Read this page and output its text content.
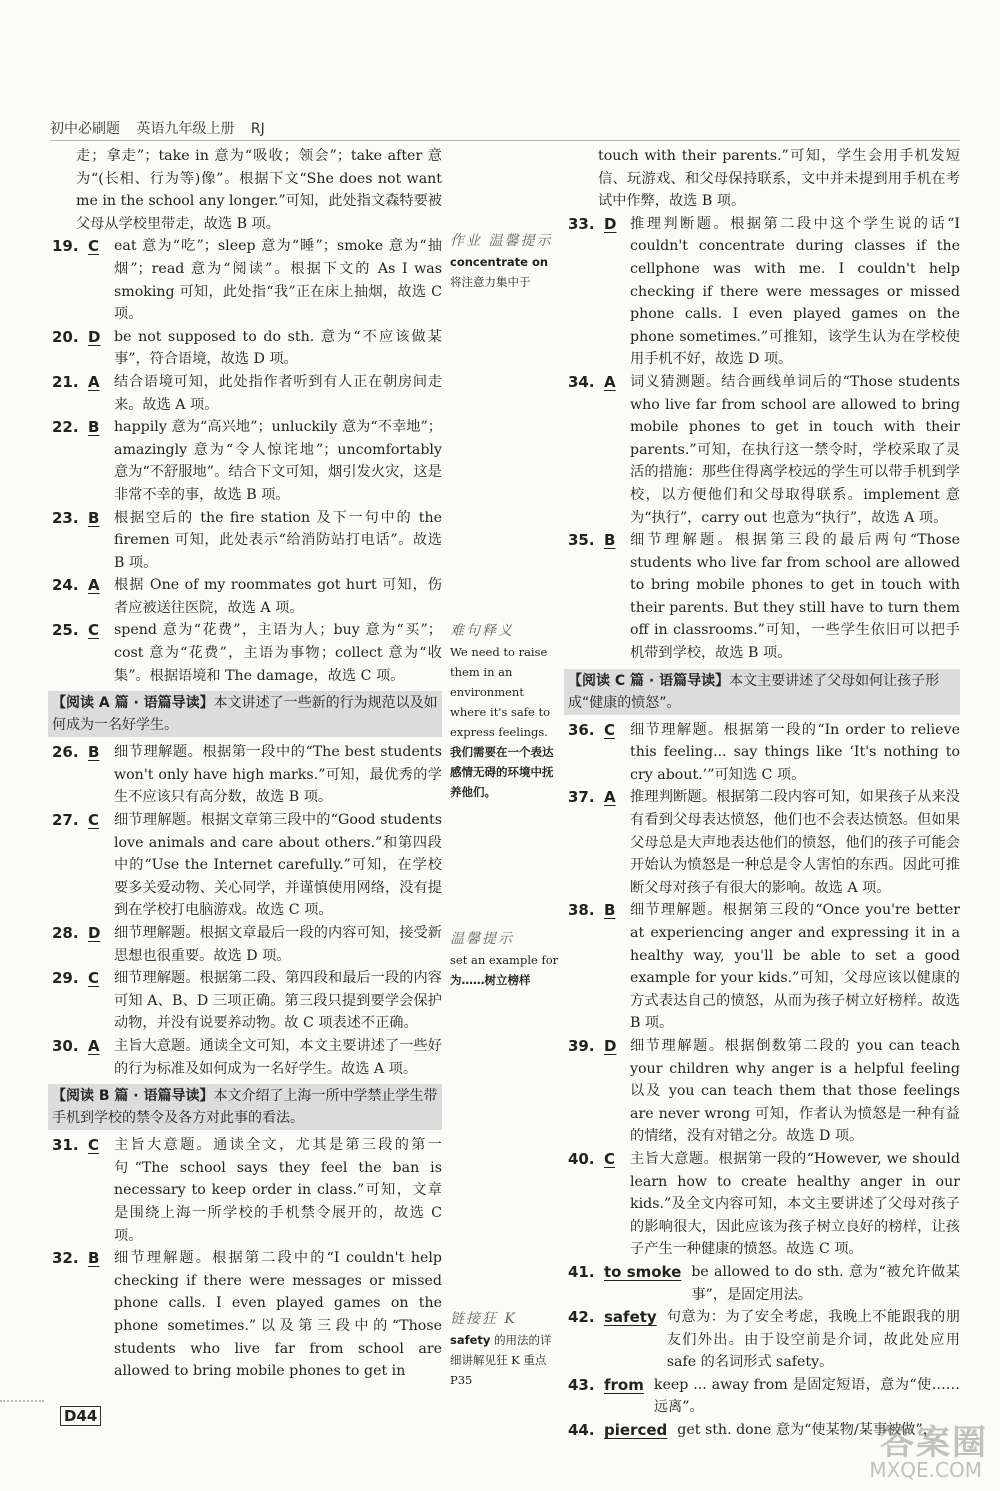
初中必刷题 英语九年级上册 RJ
走；拿走”；take in 意为“吸收；领会”；take after 意为“(长相、行为等)像”。根据下文“She does not want me in the school any longer.”可知，此处指文森特要被父母从学校里带走，故选 B 项。
19. C	eat 意为“吃”；sleep 意为“睡”；smoke 意为“抽烟”；read 意为“阅读”。根据下文的 As I was smoking 可知，此处指“我”正在床上抽烟，故选 C 项。
20. D be not supposed to do sth. 意为“不应该做某事”，符合语境，故选 D 项。
21. A	结合语境可知，此处指作者听到有人正在朝房间走来。故选 A 项。
22. B	happily 意为“高兴地”；unluckily 意为“不幸地”；amazingly 意为“令人惊诧地”；uncomfortably 意为“不舒服地”。结合下文可知，烟引发火灾，这是非常不幸的事，故选 B 项。
23. B	根据空后的 the fire station 及下一句中的 the firemen 可知，此处表示“给消防站打电话”。故选 B 项。
24. A	根据 One of my roommates got hurt 可知，伤者应被送往医院，故选 A 项。
25. C	spend 意为“花费”，主语为人；buy 意为“买”；cost 意为“花费”，主语为事物；collect 意为“收集”。根据语境和 The damage，故选 C 项。
【阅读 A 篇 · 语篇导读】本文讲述了一些新的行为规范以及如何成为一名好学生。
26. B	细节理解题。根据第一段中的“The best students won't only have high marks.”可知，最优秀的学生不应该只有高分数，故选 B 项。
27. C	细节理解题。根据文章第三段中的“Good students love animals and care about others.”和第四段中的“Use the Internet carefully.”可知，在学校要多关爱动物、关心同学，并谨慎使用网络，没有提到在学校打电脑游戏。故选 C 项。
28. D 细节理解题。根据文章最后一段的内容可知，接受新思想也很重要。故选 D 项。
29. C	细节理解题。根据第二段、第四段和最后一段的内容可知 A、B、D 三项正确。第三段只提到要学会保护动物，并没有说要养动物。故 C 项表述不正确。
30. A	主旨大意题。通读全文可知，本文主要讲述了一些好的行为标准及如何成为一名好学生。故选 A 项。
【阅读 B 篇 · 语篇导读】本文介绍了上海一所中学禁止学生带手机到学校的禁令及各方对此事的看法。
31. C	主旨大意题。通读全文，尤其是第三段的第一句“The school says they feel the ban is necessary to keep order in class.”可知，文章是围绕上海一所学校的手机禁令展开的，故选 C 项。
32. B	细节理解题。根据第二段中的“I couldn't help checking if there were messages or missed phone calls. I even played games on the phone sometimes.”以及第三段中的“Those students who live far from school are allowed to bring mobile phones to get in
作业 温馨提示
concentrate on
将注意力集中于
难句释义
We need to raise them in an environment where it's safe to express feelings.
我们需要在一个表达感情无碍的环境中抚养他们。
温馨提示
set an example for
为……树立榜样
链接狂 K
safety 的用法的详细讲解见狂 K 重点 P35
touch with their parents.”可知，学生会用手机发短信、玩游戏、和父母保持联系，文中并未提到用手机在考试中作弊，故选 B 项。
33. D 推理判断题。根据第二段中这个学生说的话“I couldn't concentrate during classes if the cellphone was with me. I couldn't help checking if there were messages or missed phone calls. I even played games on the phone sometimes.”可推知，该学生认为在学校使用手机不好，故选 D 项。
34. A	词义猜测题。结合画线单词后的“Those students who live far from school are allowed to bring mobile phones to get in touch with their parents.”可知，在执行这一禁令时，学校采取了灵活的措施：那些住得离学校远的学生可以带手机到学校，以方便他们和父母取得联系。implement 意为“执行”，carry out 也意为“执行”，故选 A 项。
35. B	细节理解题。根据第三段的最后两句“Those students who live far from school are allowed to bring mobile phones to get in touch with their parents. But they still have to turn them off in classrooms.”可知，一些学生依旧可以把手机带到学校，故选 B 项。
【阅读 C 篇 · 语篇导读】本文主要讲述了父母如何让孩子形成“健康的愤怒”。
36. C	细节理解题。根据第一段的“In order to relieve this feeling... say things like ‘It's nothing to cry about.’”可知选 C 项。
37. A	推理判断题。根据第二段内容可知，如果孩子从来没有看到父母表达愤怒，他们也不会表达愤怒。但如果父母总是大声地表达他们的愤怒，他们的孩子可能会开始认为愤怒是一种总是令人害怕的东西。因此可推断父母对孩子有很大的影响。故选 A 项。
38. B	细节理解题。根据第三段的“Once you're better at experiencing anger and expressing it in a healthy way, you'll be able to set a good example for your kids.”可知，父母应该以健康的方式表达自己的愤怒，从而为孩子树立好榜样。故选 B 项。
39. D 细节理解题。根据倒数第二段的 you can teach your children why anger is a helpful feeling 以及 you can teach them that those feelings are never wrong 可知，作者认为愤怒是一种有益的情绪，没有对错之分。故选 D 项。
40. C	主旨大意题。根据第一段的“However, we should learn how to create healthy anger in our kids.”及全文内容可知，本文主要讲述了父母对孩子的影响很大，因此应该为孩子树立良好的榜样，让孩子产生一种健康的愤怒。故选 C 项。
41. to smoke be allowed to do sth. 意为“被允许做某事”，是固定用法。
42. safety 句意为：为了安全考虑，我晚上不能跟我的朋友们外出。由于设空前是介词，故此处应用 safe 的名词形式 safety。
43. from keep ... away from 是固定短语，意为“使……远离”。
44. pierced get sth. done 意为“使某物/某事被做”，
D44
答案圈
MXQE.COM
